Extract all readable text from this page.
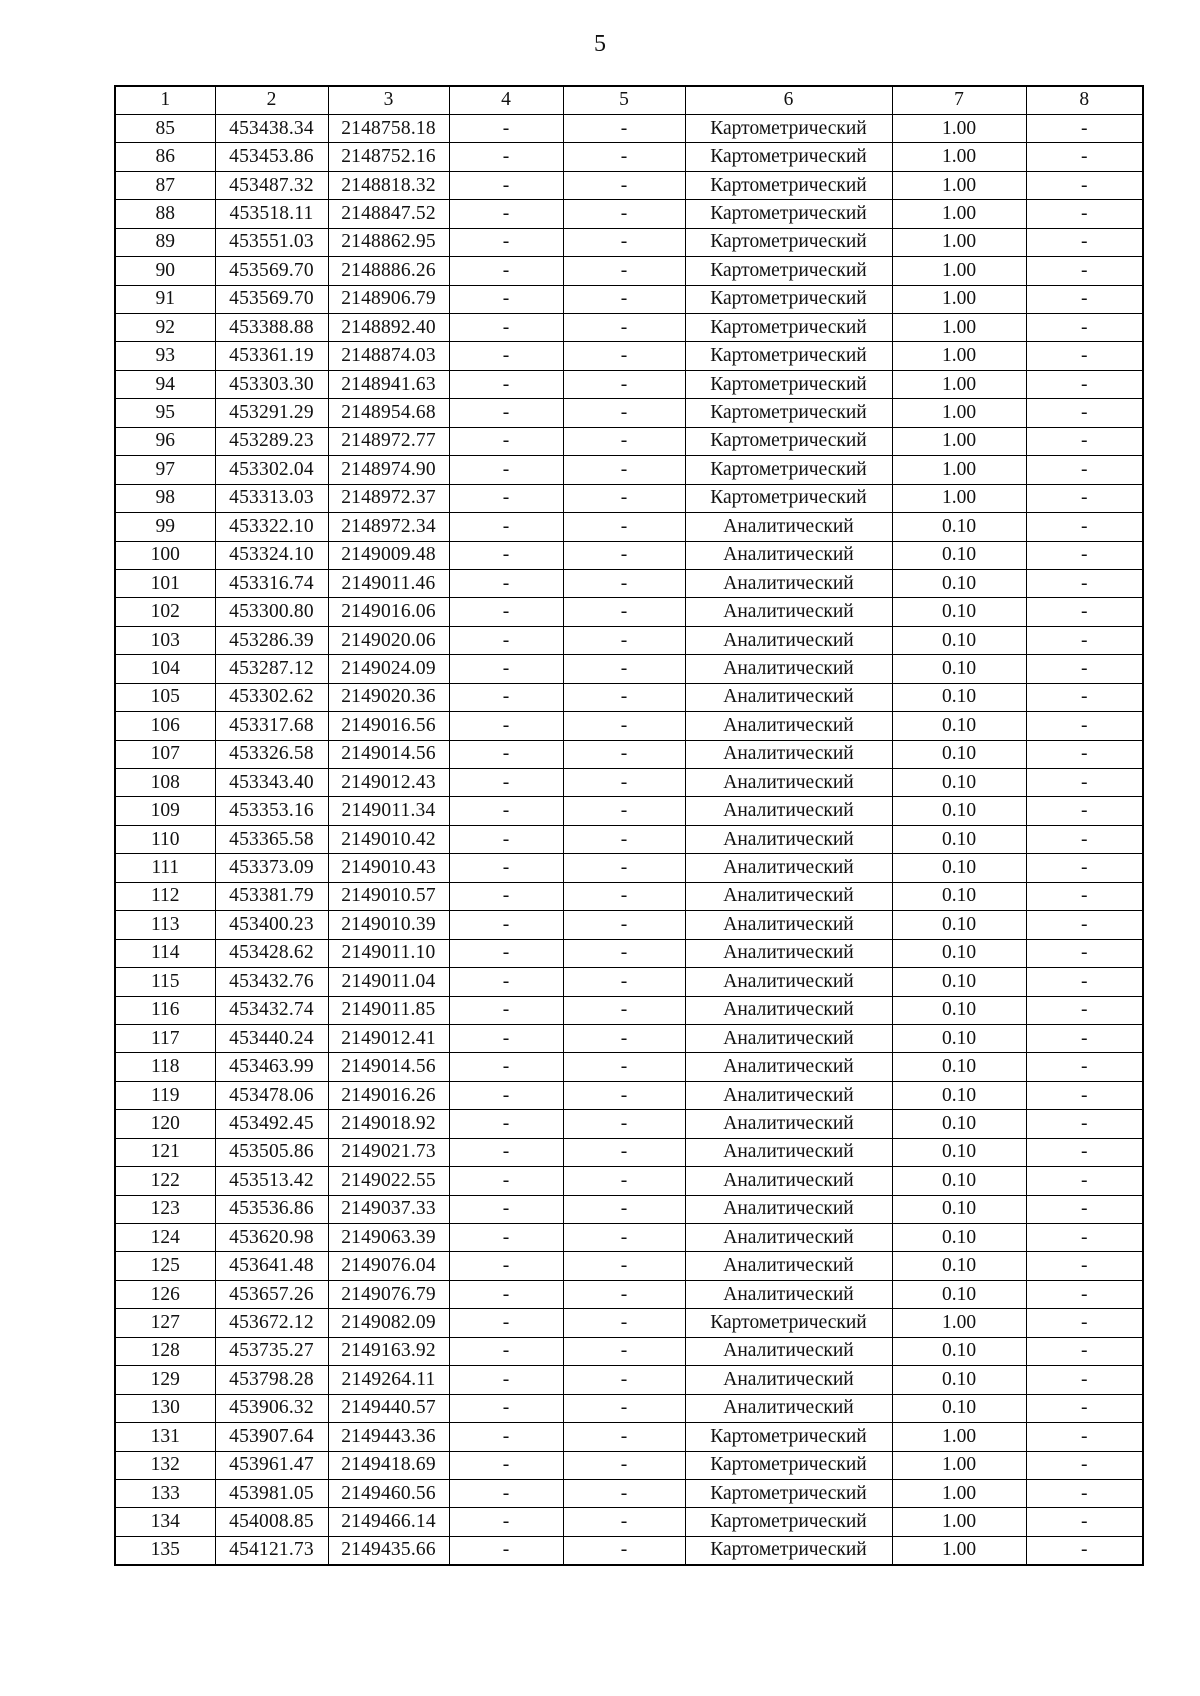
5
1	2	3	4	5	6	7	8
85	453438.34	2148758.18	-	-	Картометрический	1.00	-
86	453453.86	2148752.16	-	-	Картометрический	1.00	-
87	453487.32	2148818.32	-	-	Картометрический	1.00	-
88	453518.11	2148847.52	-	-	Картометрический	1.00	-
89	453551.03	2148862.95	-	-	Картометрический	1.00	-
90	453569.70	2148886.26	-	-	Картометрический	1.00	-
91	453569.70	2148906.79	-	-	Картометрический	1.00	-
92	453388.88	2148892.40	-	-	Картометрический	1.00	-
93	453361.19	2148874.03	-	-	Картометрический	1.00	-
94	453303.30	2148941.63	-	-	Картометрический	1.00	-
95	453291.29	2148954.68	-	-	Картометрический	1.00	-
96	453289.23	2148972.77	-	-	Картометрический	1.00	-
97	453302.04	2148974.90	-	-	Картометрический	1.00	-
98	453313.03	2148972.37	-	-	Картометрический	1.00	-
99	453322.10	2148972.34	-	-	Аналитический	0.10	-
100	453324.10	2149009.48	-	-	Аналитический	0.10	-
101	453316.74	2149011.46	-	-	Аналитический	0.10	-
102	453300.80	2149016.06	-	-	Аналитический	0.10	-
103	453286.39	2149020.06	-	-	Аналитический	0.10	-
104	453287.12	2149024.09	-	-	Аналитический	0.10	-
105	453302.62	2149020.36	-	-	Аналитический	0.10	-
106	453317.68	2149016.56	-	-	Аналитический	0.10	-
107	453326.58	2149014.56	-	-	Аналитический	0.10	-
108	453343.40	2149012.43	-	-	Аналитический	0.10	-
109	453353.16	2149011.34	-	-	Аналитический	0.10	-
110	453365.58	2149010.42	-	-	Аналитический	0.10	-
111	453373.09	2149010.43	-	-	Аналитический	0.10	-
112	453381.79	2149010.57	-	-	Аналитический	0.10	-
113	453400.23	2149010.39	-	-	Аналитический	0.10	-
114	453428.62	2149011.10	-	-	Аналитический	0.10	-
115	453432.76	2149011.04	-	-	Аналитический	0.10	-
116	453432.74	2149011.85	-	-	Аналитический	0.10	-
117	453440.24	2149012.41	-	-	Аналитический	0.10	-
118	453463.99	2149014.56	-	-	Аналитический	0.10	-
119	453478.06	2149016.26	-	-	Аналитический	0.10	-
120	453492.45	2149018.92	-	-	Аналитический	0.10	-
121	453505.86	2149021.73	-	-	Аналитический	0.10	-
122	453513.42	2149022.55	-	-	Аналитический	0.10	-
123	453536.86	2149037.33	-	-	Аналитический	0.10	-
124	453620.98	2149063.39	-	-	Аналитический	0.10	-
125	453641.48	2149076.04	-	-	Аналитический	0.10	-
126	453657.26	2149076.79	-	-	Аналитический	0.10	-
127	453672.12	2149082.09	-	-	Картометрический	1.00	-
128	453735.27	2149163.92	-	-	Аналитический	0.10	-
129	453798.28	2149264.11	-	-	Аналитический	0.10	-
130	453906.32	2149440.57	-	-	Аналитический	0.10	-
131	453907.64	2149443.36	-	-	Картометрический	1.00	-
132	453961.47	2149418.69	-	-	Картометрический	1.00	-
133	453981.05	2149460.56	-	-	Картометрический	1.00	-
134	454008.85	2149466.14	-	-	Картометрический	1.00	-
135	454121.73	2149435.66	-	-	Картометрический	1.00	-
